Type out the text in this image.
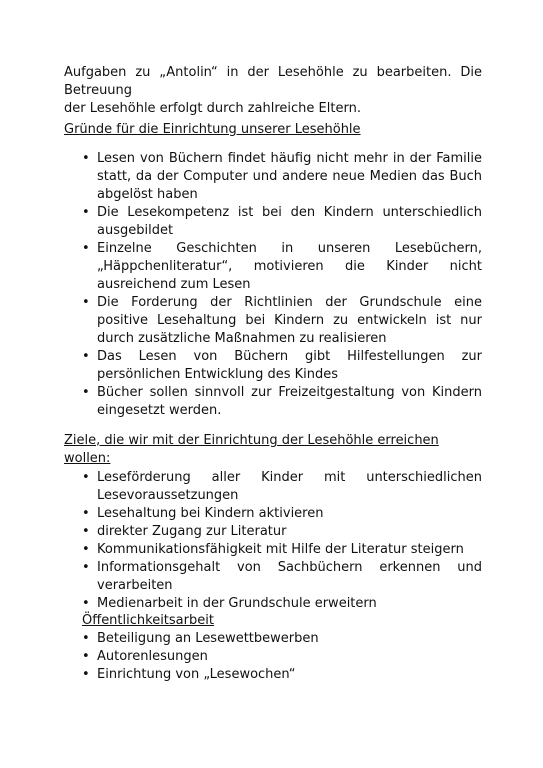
Aufgaben zu „Antolin“ in der Lesehöhle zu bearbeiten. Die Betreuung
der Lesehöhle erfolgt durch zahlreiche Eltern.
Gründe für die Einrichtung unserer Lesehöhle
• Lesen von Büchern findet häufig nicht mehr in der Familie statt, da der Computer und andere neue Medien das Buch abgelöst haben
• Die Lesekompetenz ist bei den Kindern unterschiedlich ausgebildet
• Einzelne Geschichten in unseren Lesebüchern, „Häppchenliteratur“, motivieren die Kinder nicht ausreichend zum Lesen
• Die Forderung der Richtlinien der Grundschule eine positive Lesehaltung bei Kindern zu entwickeln ist nur durch zusätzliche Maßnahmen zu realisieren
• Das Lesen von Büchern gibt Hilfestellungen zur persönlichen Entwicklung des Kindes
• Bücher sollen sinnvoll zur Freizeitgestaltung von Kindern eingesetzt werden.
Ziele, die wir mit der Einrichtung der Lesehöhle erreichen wollen:
• Leseförderung aller Kinder mit unterschiedlichen Lesevoraussetzungen
• Lesehaltung bei Kindern aktivieren
• direkter Zugang zur Literatur
• Kommunikationsfähigkeit mit Hilfe der Literatur steigern
• Informationsgehalt von Sachbüchern erkennen und verarbeiten
• Medienarbeit in der Grundschule erweitern
Öffentlichkeitsarbeit
• Beteiligung an Lesewettbewerben
• Autorenlesungen
• Einrichtung von „Lesewochen“
